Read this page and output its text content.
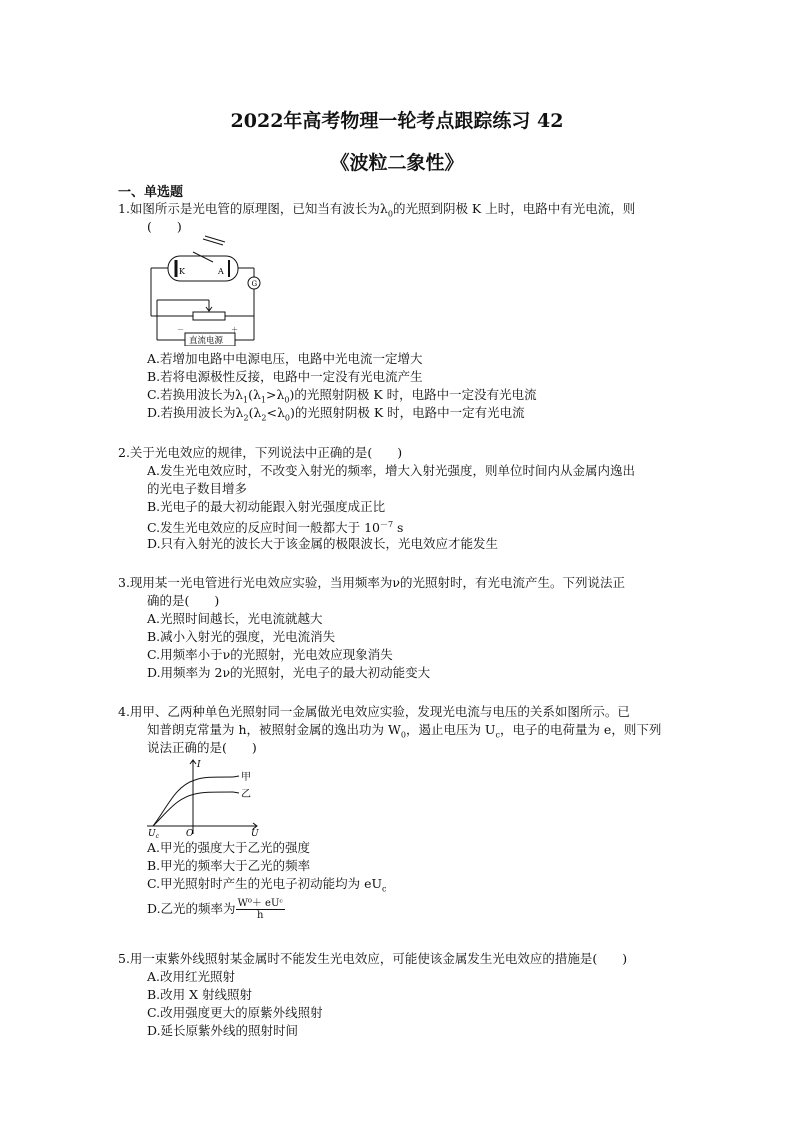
2022年高考物理一轮考点跟踪练习 42
《波粒二象性》
一、单选题
1.如图所示是光电管的原理图，已知当有波长为$\lambda_0$的光照到阴极 K 上时，电路中有光电流，则
(　　)
K	A
G
－	＋
直流电源
A.若增加电路中电源电压，电路中光电流一定增大
B.若将电源极性反接，电路中一定没有光电流产生
C.若换用波长为$\lambda_1(\lambda_1>\lambda_0)$的光照射阴极 K 时，电路中一定没有光电流
D.若换用波长为$\lambda_2(\lambda_2<\lambda_0)$的光照射阴极 K 时，电路中一定有光电流
2.关于光电效应的规律，下列说法中正确的是(　　)
A.发生光电效应时，不改变入射光的频率，增大入射光强度，则单位时间内从金属内逸出
的光电子数目增多
B.光电子的最大初动能跟入射光强度成正比
C.发生光电效应的反应时间一般都大于 $10^{-7}$ s
D.只有入射光的波长大于该金属的极限波长，光电效应才能发生
3.现用某一光电管进行光电效应实验，当用频率为ν的光照射时，有光电流产生。下列说法正
确的是(　　)
A.光照时间越长，光电流就越大
B.减小入射光的强度，光电流消失
C.用频率小于ν的光照射，光电效应现象消失
D.用频率为 2ν的光照射，光电子的最大初动能变大
4.用甲、乙两种单色光照射同一金属做光电效应实验，发现光电流与电压的关系如图所示。已
知普朗克常量为 h，被照射金属的逸出功为 $W_0$，遏止电压为 $U_c$，电子的电荷量为 e，则下列
说法正确的是(　　)
I
U
O
$U_c$
甲
乙
A.甲光的强度大于乙光的强度
B.甲光的频率大于乙光的频率
C.甲光照射时产生的光电子初动能均为 $eU_c$
D.乙光的频率为 $\frac{\text{W⁰＋ eUᶜ}}{h}$
5.用一束紫外线照射某金属时不能发生光电效应，可能使该金属发生光电效应的措施是(　　)
A.改用红光照射
B.改用 X 射线照射
C.改用强度更大的原紫外线照射
D.延长原紫外线的照射时间
